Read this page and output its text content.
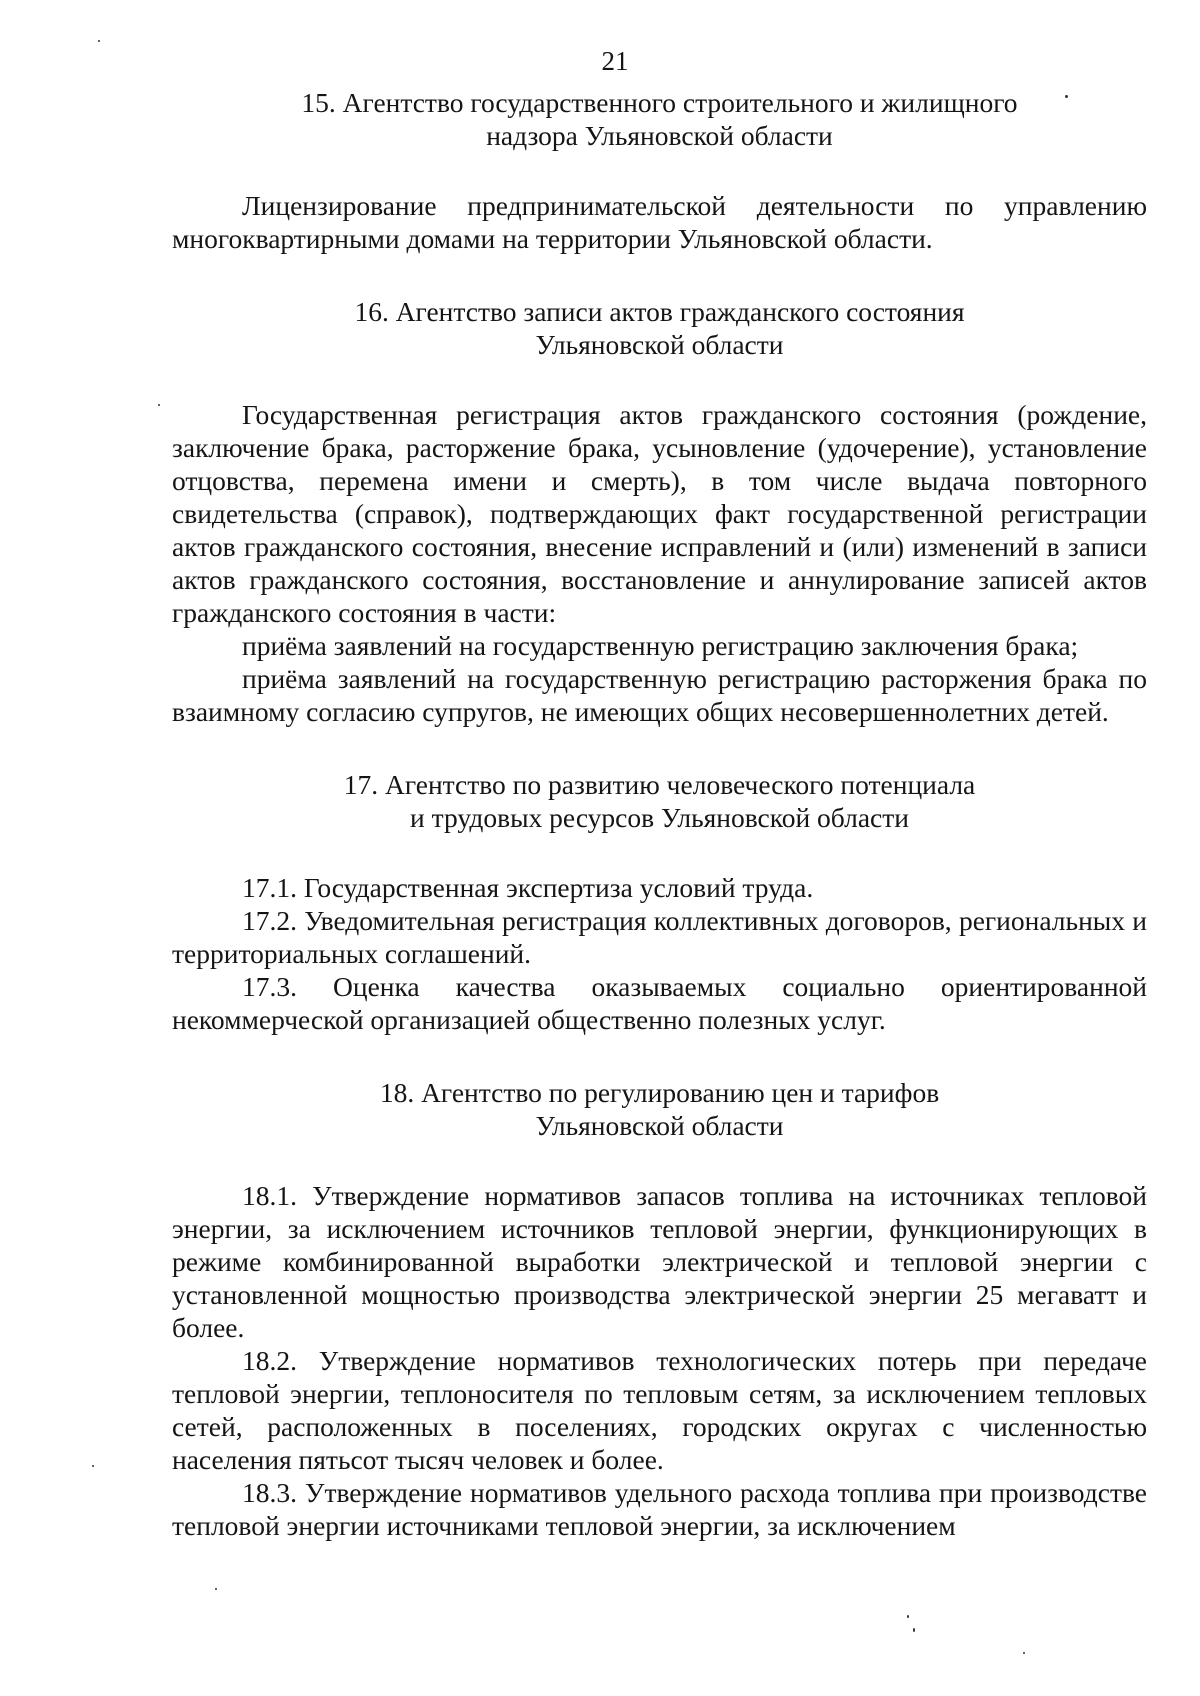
21
15. Агентство государственного строительного и жилищного
надзора Ульяновской области

Лицензирование предпринимательской деятельности по управлению многоквартирными домами на территории Ульяновской области.

16. Агентство записи актов гражданского состояния
Ульяновской области

Государственная регистрация актов гражданского состояния (рождение, заключение брака, расторжение брака, усыновление (удочерение), установление отцовства, перемена имени и смерть), в том числе выдача повторного свидетельства (справок), подтверждающих факт государственной регистрации актов гражданского состояния, внесение исправлений и (или) изменений в записи актов гражданского состояния, восстановление и аннулирование записей актов гражданского состояния в части:

приёма заявлений на государственную регистрацию заключения брака;

приёма заявлений на государственную регистрацию расторжения брака по взаимному согласию супругов, не имеющих общих несовершеннолетних детей.

17. Агентство по развитию человеческого потенциала
и трудовых ресурсов Ульяновской области

17.1. Государственная экспертиза условий труда.

17.2. Уведомительная регистрация коллективных договоров, региональных и территориальных соглашений.

17.3. Оценка качества оказываемых социально ориентированной некоммерческой организацией общественно полезных услуг.

18. Агентство по регулированию цен и тарифов
Ульяновской области

18.1. Утверждение нормативов запасов топлива на источниках тепловой энергии, за исключением источников тепловой энергии, функционирующих в режиме комбинированной выработки электрической и тепловой энергии с установленной мощностью производства электрической энергии 25 мегаватт и более.

18.2. Утверждение нормативов технологических потерь при передаче тепловой энергии, теплоносителя по тепловым сетям, за исключением тепловых сетей, расположенных в поселениях, городских округах с численностью населения пятьсот тысяч человек и более.

18.3. Утверждение нормативов удельного расхода топлива при производстве тепловой энергии источниками тепловой энергии, за исключением
